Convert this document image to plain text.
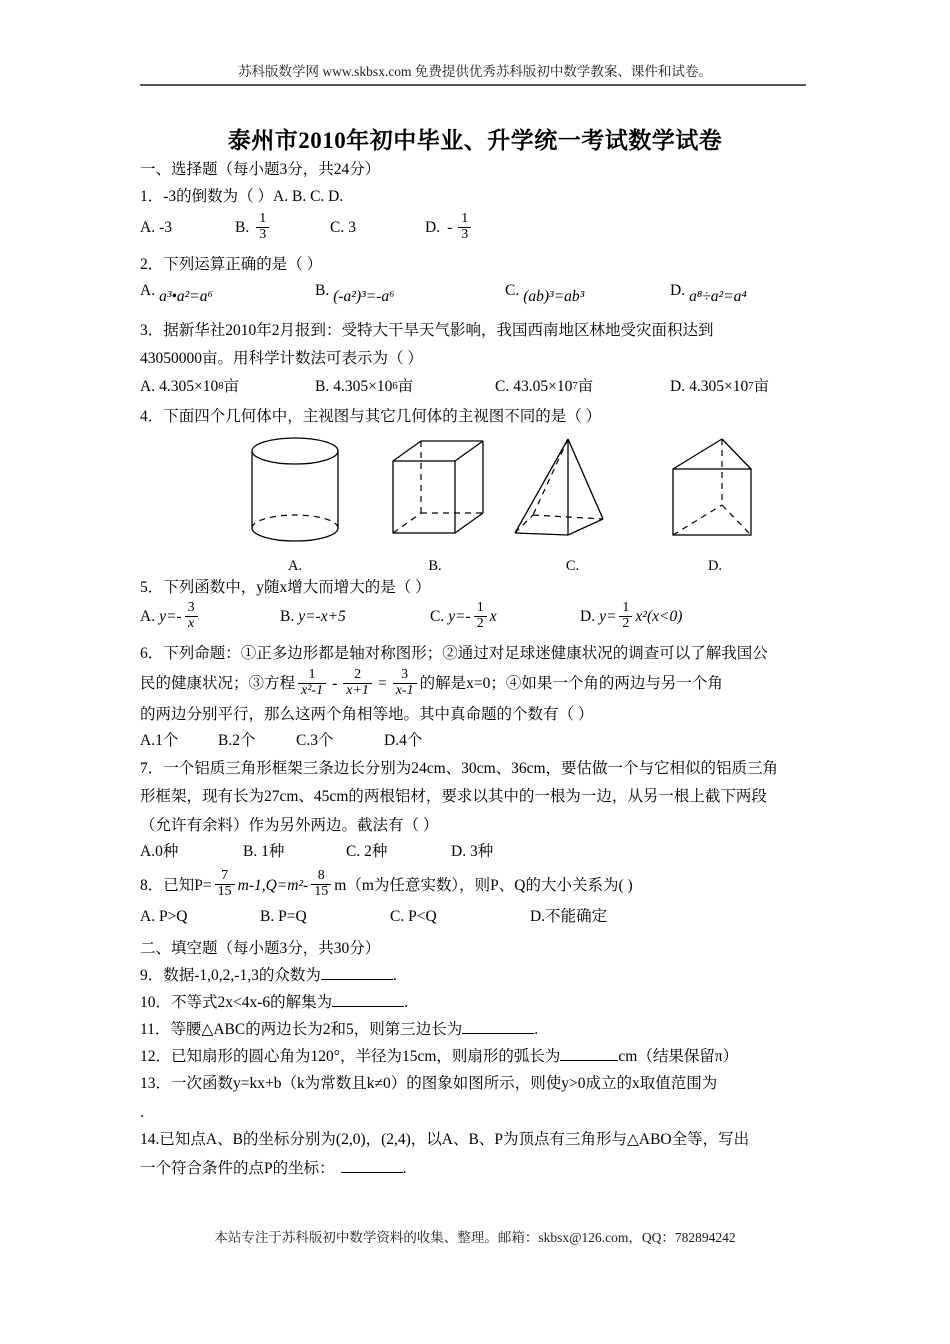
苏科版数学网 www.skbsx.com 免费提供优秀苏科版初中数学教案、课件和试卷。
泰州市2010年初中毕业、升学统一考试数学试卷
一、选择题（每小题3分，共24分）
1．‐3的倒数为（ ）A. B. C. D.
A. ‐3	B. $\frac{1}{3}$	C. 3	D. ‐ $\frac{1}{3}$
2．下列运算正确的是（ ）
A. a³•a²=a⁶	B. (‐a²)³=‐a⁶	C. (ab)³=ab³	D. a⁸÷a²=a⁴
3．据新华社2010年2月报到：受特大干旱天气影响，我国西南地区林地受灾面积达到
43050000亩。用科学计数法可表示为（ ）
A. 4.305 ×10 8 亩	B. 4.305 ×10 6 亩	C. 43.05 ×10 7 亩	D. 4.305 ×10 7 亩
4．下面四个几何体中，主视图与其它几何体的主视图不同的是（ ）
A.	B.	C.	D.
5．下列函数中，y随x增大而增大的是（ ）
A. y=‐ $\frac{3}{x}$	B. y=‐x+5	C. y=‐ $\frac{1}{2}$ x	D. $y= \frac{1}{2} x^2(x<0)$
6．下列命题：①正多边形都是轴对称图形；②通过对足球迷健康状况的调查可以了解我国公
民的健康状况；③方程 $\frac{1}{\text{x²‐1}}$ ‐ $\frac{2}{x+1} = \frac{3}{x‐1}$ 的解是x=0；④如果一个角的两边与另一个角
的两边分别平行，那么这两个角相等地。其中真命题的个数有（ ）
A.1个	B.2个	C.3个	D.4个
7．一个铝质三角形框架三条边长分别为24cm、30cm、36cm，要估做一个与它相似的铝质三角
形框架，现有长为27cm、45cm的两根铝材，要求以其中的一根为一边，从另一根上截下两段
（允许有余料）作为另外两边。截法有（ ）
A.0种	B. 1种	C. 2种	D. 3种
8．已知$P= \frac{7}{15}$ m‐1,Q=m²‐ $\frac{8}{15} m(m$为任意实数），则P、Q的大小关系为( )
A. P>Q	B. P=Q	C. P<Q	D.不能确定
二、填空题（每小题3分，共30分）
9．数据‐1,0,2,‐1,3的众数为	.
10．不等式2x<4x‐6的解集为	.
11．等腰△ABC的两边长为2和5，则第三边长为	.
12．已知扇形的圆心角为120°，半径为15cm，则扇形的弧长为	cm（结果保留π）
13．一次函数y=kx+b（k为常数且k≠0）的图象如图所示，则使y>0成立的x取值范围为
.
14.已知点A、B的坐标分别为(2,0)，(2,4)，以A、B、P为顶点有三角形与△ABO全等，写出
一个符合条件的点P的坐标：	.
本站专注于苏科版初中数学资料的收集、整理。邮箱：skbsx@126.com，QQ：782894242
